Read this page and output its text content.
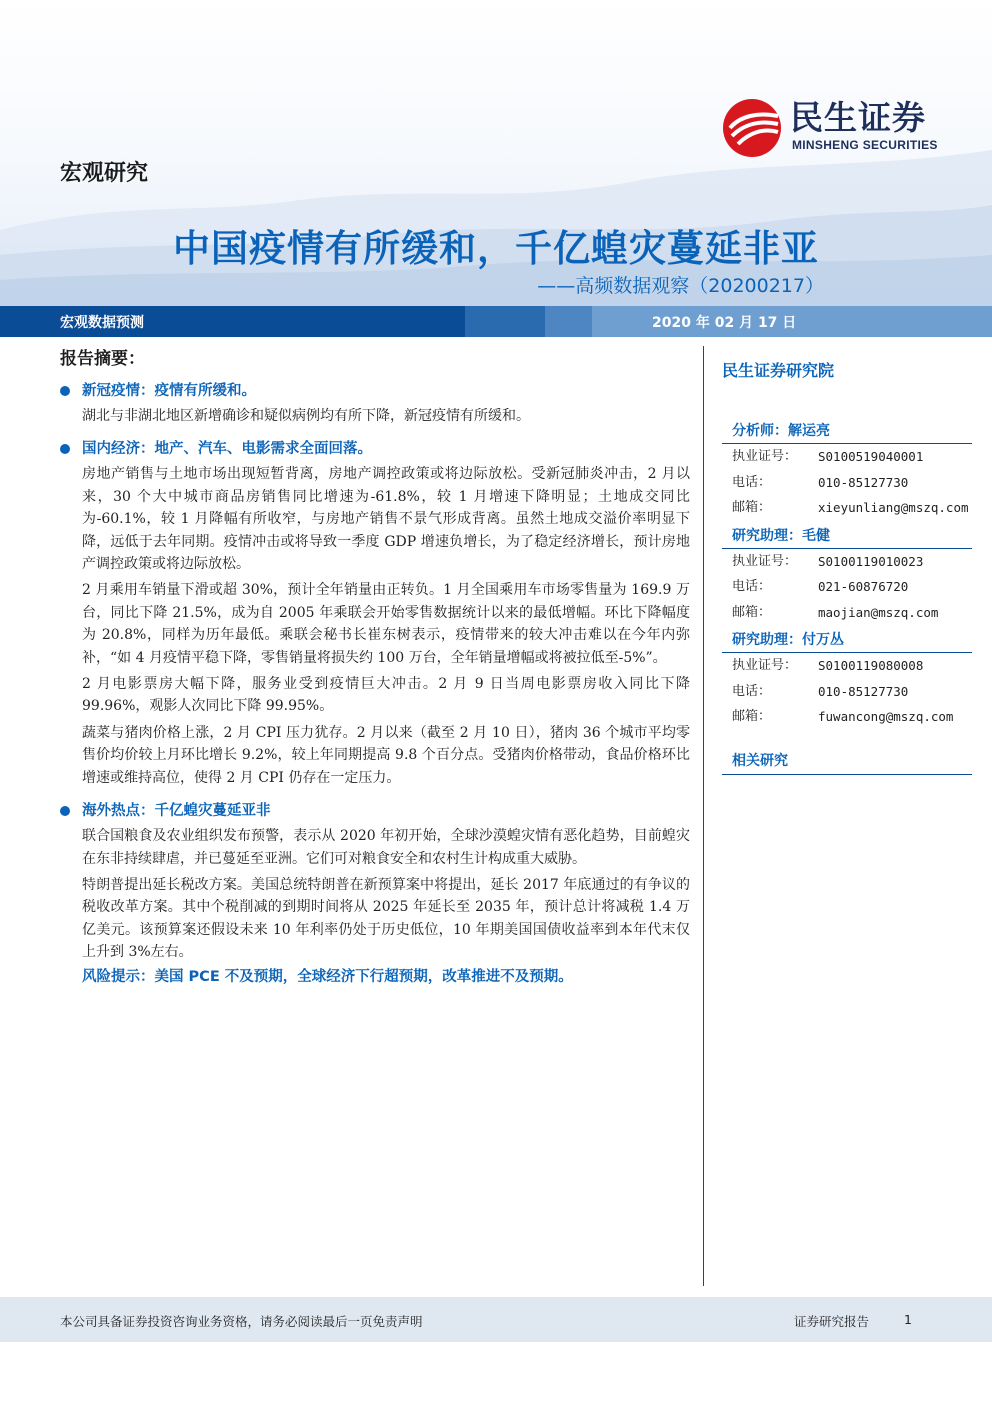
民生证券
MINSHENG SECURITIES
宏观研究
中国疫情有所缓和，千亿蝗灾蔓延非亚
——高频数据观察（20200217）
宏观数据预测	2020 年 02 月 17 日
报告摘要：
新冠疫情：疫情有所缓和。
湖北与非湖北地区新增确诊和疑似病例均有所下降，新冠疫情有所缓和。
国内经济：地产、汽车、电影需求全面回落。
房地产销售与土地市场出现短暂背离，房地产调控政策或将边际放松。受新冠肺炎冲击，2 月以来，30 个大中城市商品房销售同比增速为-61.8%，较 1 月增速下降明显；土地成交同比为-60.1%，较 1 月降幅有所收窄，与房地产销售不景气形成背离。虽然土地成交溢价率明显下降，远低于去年同期。疫情冲击或将导致一季度 GDP 增速负增长，为了稳定经济增长，预计房地产调控政策或将边际放松。
2 月乘用车销量下滑或超 30%，预计全年销量由正转负。1 月全国乘用车市场零售量为 169.9 万台，同比下降 21.5%，成为自 2005 年乘联会开始零售数据统计以来的最低增幅。环比下降幅度为 20.8%，同样为历年最低。乘联会秘书长崔东树表示，疫情带来的较大冲击难以在今年内弥补，“如 4 月疫情平稳下降，零售销量将损失约 100 万台，全年销量增幅或将被拉低至-5%”。
2 月电影票房大幅下降，服务业受到疫情巨大冲击。2 月 9 日当周电影票房收入同比下降 99.96%，观影人次同比下降 99.95%。
蔬菜与猪肉价格上涨，2 月 CPI 压力犹存。2 月以来（截至 2 月 10 日），猪肉 36 个城市平均零售价均价较上月环比增长 9.2%，较上年同期提高 9.8 个百分点。受猪肉价格带动，食品价格环比增速或维持高位，使得 2 月 CPI 仍存在一定压力。
海外热点：千亿蝗灾蔓延亚非
联合国粮食及农业组织发布预警，表示从 2020 年初开始，全球沙漠蝗灾情有恶化趋势，目前蝗灾在东非持续肆虐，并已蔓延至亚洲。它们可对粮食安全和农村生计构成重大威胁。
特朗普提出延长税改方案。美国总统特朗普在新预算案中将提出，延长 2017 年底通过的有争议的税收改革方案。其中个税削减的到期时间将从 2025 年延长至 2035 年，预计总计将减税 1.4 万亿美元。该预算案还假设未来 10 年利率仍处于历史低位，10 年期美国国债收益率到本年代末仅上升到 3%左右。
风险提示：美国 PCE 不及预期，全球经济下行超预期，改革推进不及预期。
民生证券研究院
分析师：解运亮
执业证号：	S0100519040001
电话：	010-85127730
邮箱：	xieyunliang@mszq.com
研究助理：毛健
执业证号：	S0100119010023
电话：	021-60876720
邮箱：	maojian@mszq.com
研究助理：付万丛
执业证号：	S0100119080008
电话：	010-85127730
邮箱：	fuwancong@mszq.com
相关研究
本公司具备证券投资咨询业务资格，请务必阅读最后一页免责声明	证券研究报告	1
